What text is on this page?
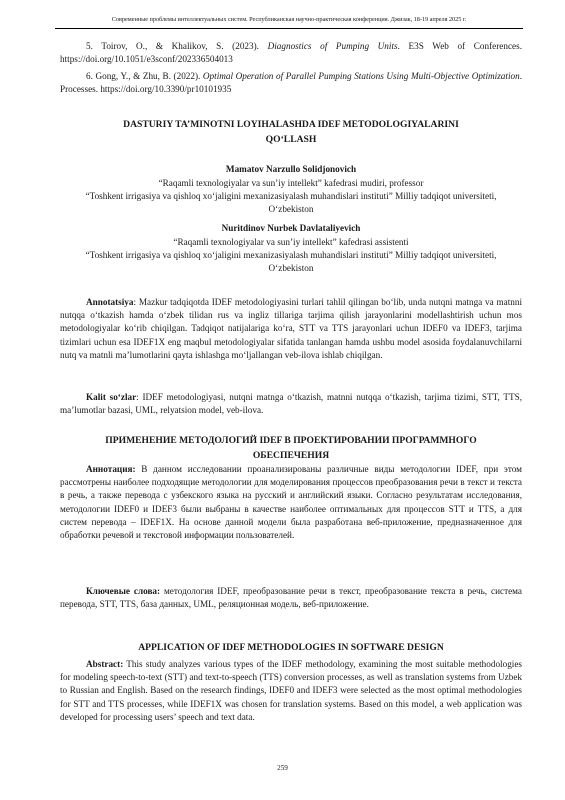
Современные проблемы интеллектуальных систем. Республиканская научно-практическая конференция. Джизак, 18-19 апреля 2025 г.
5. Toirov, O., & Khalikov, S. (2023). Diagnostics of Pumping Units. E3S Web of Conferences. https://doi.org/10.1051/e3sconf/202336504013
6. Gong, Y., & Zhu, B. (2022). Optimal Operation of Parallel Pumping Stations Using Multi-Objective Optimization. Processes. https://doi.org/10.3390/pr10101935
DASTURIY TA’MINOTNI LOYIHALASHDA IDEF METODOLOGIYALARINI QO‘LLASH
Mamatov Narzullo Solidjonovich
“Raqamli texnologiyalar va sun’iy intellekt” kafedrasi mudiri, professor
“Toshkent irrigasiya va qishloq xo‘jaligini mexanizasiyalash muhandislari instituti” Milliy tadqiqot universiteti, O‘zbekiston
Nuritdinov Nurbek Davlataliyevich
“Raqamli texnologiyalar va sun’iy intellekt” kafedrasi assistenti
“Toshkent irrigasiya va qishloq xo‘jaligini mexanizasiyalash muhandislari instituti” Milliy tadqiqot universiteti, O‘zbekiston
Annotatsiya: Mazkur tadqiqotda IDEF metodologiyasini turlari tahlil qilingan bo‘lib, unda nutqni matnga va matnni nutqqa o‘tkazish hamda o‘zbek tilidan rus va ingliz tillariga tarjima qilish jarayonlarini modellashtirish uchun mos metodologiyalar ko‘rib chiqilgan. Tadqiqot natijalariga ko‘ra, STT va TTS jarayonlari uchun IDEF0 va IDEF3, tarjima tizimlari uchun esa IDEF1X eng maqbul metodologiyalar sifatida tanlangan hamda ushbu model asosida foydalanuvchilarni nutq va matnli ma’lumotlarini qayta ishlashga mo‘ljallangan veb-ilova ishlab chiqilgan.
Kalit so‘zlar: IDEF metodologiyasi, nutqni matnga o‘tkazish, matnni nutqqa o‘tkazish, tarjima tizimi, STT, TTS, ma’lumotlar bazasi, UML, relyatsion model, veb-ilova.
ПРИМЕНЕНИЕ МЕТОДОЛОГИЙ IDEF В ПРОЕКТИРОВАНИИ ПРОГРАММНОГО ОБЕСПЕЧЕНИЯ
Аннотация: В данном исследовании проанализированы различные виды методологии IDEF, при этом рассмотрены наиболее подходящие методологии для моделирования процессов преобразования речи в текст и текста в речь, а также перевода с узбекского языка на русский и английский языки. Согласно результатам исследования, методологии IDEF0 и IDEF3 были выбраны в качестве наиболее оптимальных для процессов STT и TTS, а для систем перевода – IDEF1X. На основе данной модели была разработана веб-приложение, предназначенное для обработки речевой и текстовой информации пользователей.
Ключевые слова: методология IDEF, преобразование речи в текст, преобразование текста в речь, система перевода, STT, TTS, база данных, UML, реляционная модель, веб-приложение.
APPLICATION OF IDEF METHODOLOGIES IN SOFTWARE DESIGN
Abstract: This study analyzes various types of the IDEF methodology, examining the most suitable methodologies for modeling speech-to-text (STT) and text-to-speech (TTS) conversion processes, as well as translation systems from Uzbek to Russian and English. Based on the research findings, IDEF0 and IDEF3 were selected as the most optimal methodologies for STT and TTS processes, while IDEF1X was chosen for translation systems. Based on this model, a web application was developed for processing users’ speech and text data.
259
